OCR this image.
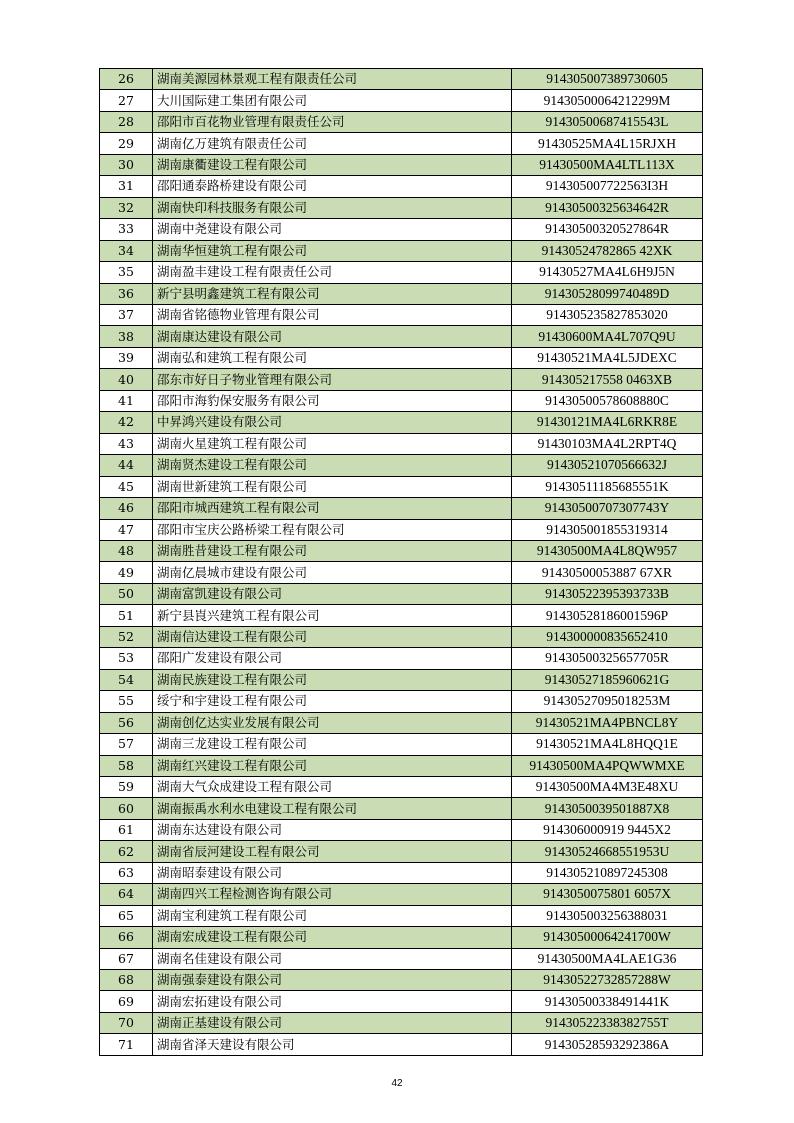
26	湖南美源园林景观工程有限责任公司	914305007389730605
27	大川国际建工集团有限公司	91430500064212299M
28	邵阳市百花物业管理有限责任公司	91430500687415543L
29	湖南亿万建筑有限责任公司	91430525MA4L15RJXH
30	湖南康衢建设工程有限公司	91430500MA4LTL113X
31	邵阳通泰路桥建设有限公司	914305007722563I3H
32	湖南快印科技服务有限公司	91430500325634642R
33	湖南中尧建设有限公司	91430500320527864R
34	湖南华恒建筑工程有限公司	91430524782865 42XK
35	湖南盈丰建设工程有限责任公司	91430527MA4L6H9J5N
36	新宁县明鑫建筑工程有限公司	91430528099740489D
37	湖南省铭德物业管理有限公司	914305235827853020
38	湖南康达建设有限公司	91430600MA4L707Q9U
39	湖南弘和建筑工程有限公司	91430521MA4L5JDEXC
40	邵东市好日子物业管理有限公司	914305217558 0463XB
41	邵阳市海豹保安服务有限公司	91430500578608880C
42	中昇鸿兴建设有限公司	91430121MA4L6RKR8E
43	湖南火星建筑工程有限公司	91430103MA4L2RPT4Q
44	湖南贤杰建设工程有限公司	91430521070566632J
45	湖南世新建筑工程有限公司	91430511185685551K
46	邵阳市城西建筑工程有限公司	91430500707307743Y
47	邵阳市宝庆公路桥梁工程有限公司	914305001855319314
48	湖南胜昔建设工程有限公司	91430500MA4L8QW957
49	湖南亿晨城市建设有限公司	91430500053887 67XR
50	湖南富凯建设有限公司	91430522395393733B
51	新宁县崀兴建筑工程有限公司	91430528186001596P
52	湖南信达建设工程有限公司	914300000835652410
53	邵阳广发建设有限公司	91430500325657705R
54	湖南民族建设工程有限公司	91430527185960621G
55	绥宁和宇建设工程有限公司	91430527095018253M
56	湖南创亿达实业发展有限公司	91430521MA4PBNCL8Y
57	湖南三龙建设工程有限公司	91430521MA4L8HQQ1E
58	湖南红兴建设工程有限公司	91430500MA4PQWWMXE
59	湖南大气众成建设工程有限公司	91430500MA4M3E48XU
60	湖南振禹水利水电建设工程有限公司	9143050039501887X8
61	湖南东达建设有限公司	914306000919 9445X2
62	湖南省辰河建设工程有限公司	91430524668551953U
63	湖南昭泰建设有限公司	914305210897245308
64	湖南四兴工程检测咨询有限公司	9143050075801 6057X
65	湖南宝利建筑工程有限公司	914305003256388031
66	湖南宏成建设工程有限公司	91430500064241700W
67	湖南名佳建设有限公司	91430500MA4LAE1G36
68	湖南强泰建设有限公司	91430522732857288W
69	湖南宏拓建设有限公司	91430500338491441K
70	湖南正基建设有限公司	91430522338382755T
71	湖南省泽天建设有限公司	91430528593292386A
42
